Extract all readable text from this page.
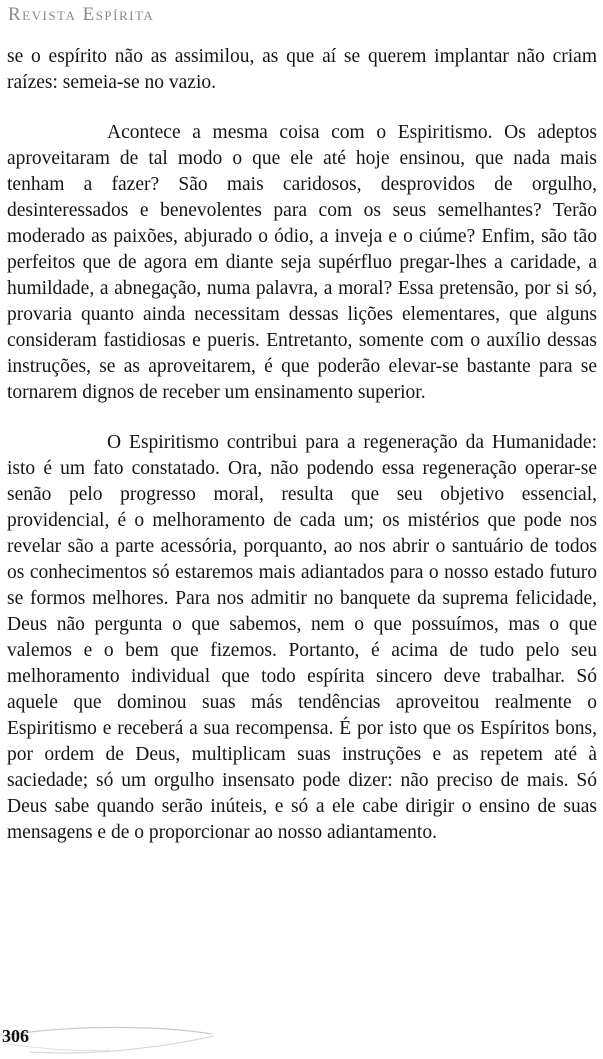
Revista Espírita

se o espírito não as assimilou, as que aí se querem implantar não criam raízes: semeia-se no vazio.

Acontece a mesma coisa com o Espiritismo. Os adeptos aproveitaram de tal modo o que ele até hoje ensinou, que nada mais tenham a fazer? São mais caridosos, desprovidos de orgulho, desinteressados e benevolentes para com os seus semelhantes? Terão moderado as paixões, abjurado o ódio, a inveja e o ciúme? Enfim, são tão perfeitos que de agora em diante seja supérfluo pregar-lhes a caridade, a humildade, a abnegação, numa palavra, a moral? Essa pretensão, por si só, provaria quanto ainda necessitam dessas lições elementares, que alguns consideram fastidiosas e pueris. Entretanto, somente com o auxílio dessas instruções, se as aproveitarem, é que poderão elevar-se bastante para se tornarem dignos de receber um ensinamento superior.

O Espiritismo contribui para a regeneração da Humanidade: isto é um fato constatado. Ora, não podendo essa regeneração operar-se senão pelo progresso moral, resulta que seu objetivo essencial, providencial, é o melhoramento de cada um; os mistérios que pode nos revelar são a parte acessória, porquanto, ao nos abrir o santuário de todos os conhecimentos só estaremos mais adiantados para o nosso estado futuro se formos melhores. Para nos admitir no banquete da suprema felicidade, Deus não pergunta o que sabemos, nem o que possuímos, mas o que valemos e o bem que fizemos. Portanto, é acima de tudo pelo seu melhoramento individual que todo espírita sincero deve trabalhar. Só aquele que dominou suas más tendências aproveitou realmente o Espiritismo e receberá a sua recompensa. É por isto que os Espíritos bons, por ordem de Deus, multiplicam suas instruções e as repetem até à saciedade; só um orgulho insensato pode dizer: não preciso de mais. Só Deus sabe quando serão inúteis, e só a ele cabe dirigir o ensino de suas mensagens e de o proporcionar ao nosso adiantamento.

306
